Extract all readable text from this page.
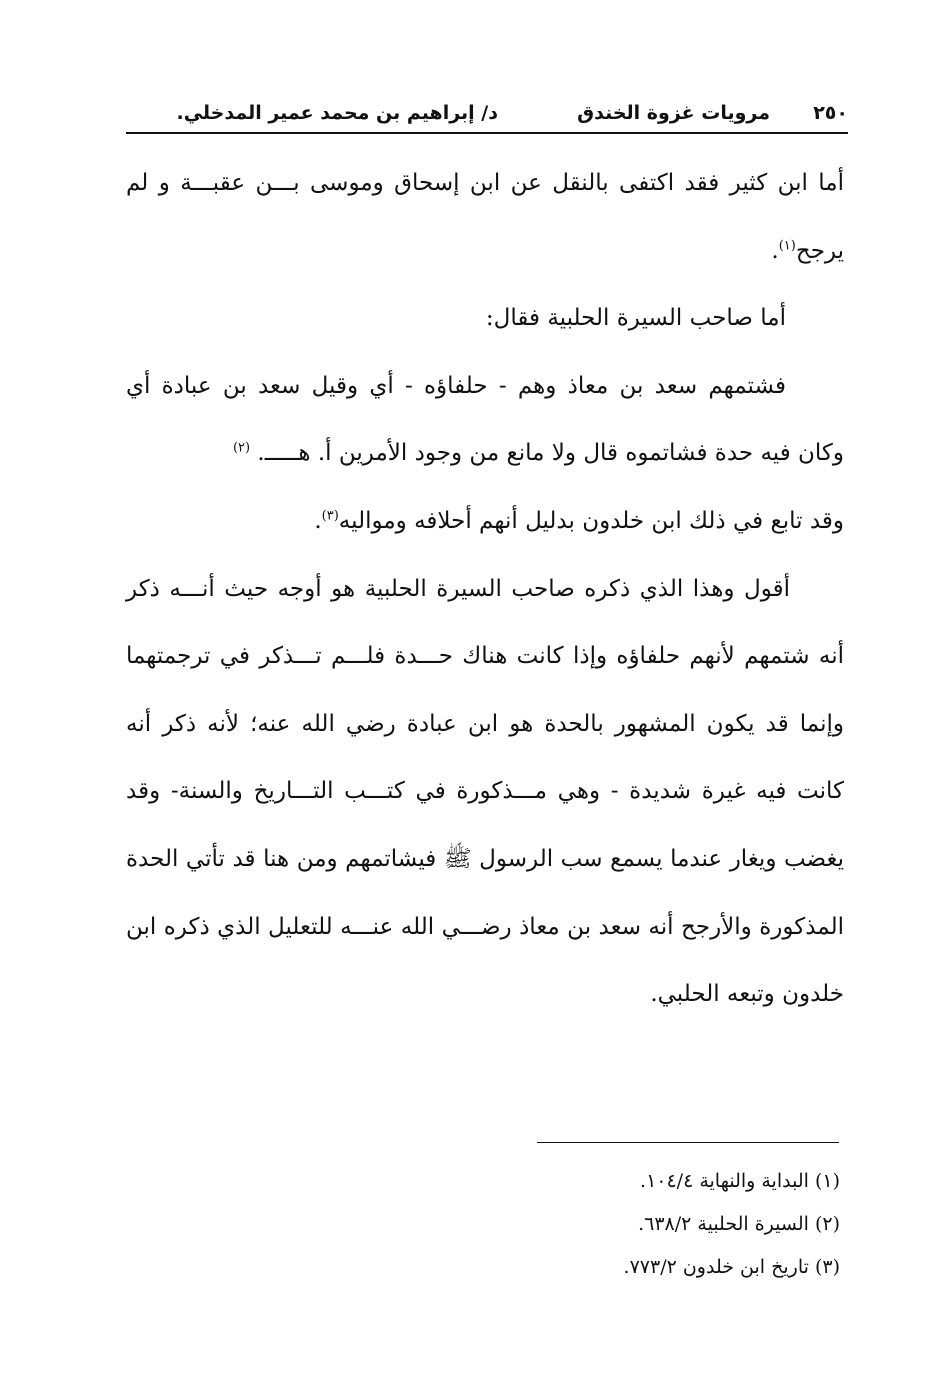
٢٥٠
مرويات غزوة الخندق
د/ إبراهيم بن محمد عمير المدخلي.

أما ابن كثير فقد اكتفى بالنقل عن ابن إسحاق وموسى بـــن عقبـــة و لم يرجح$^{(١)}$.

أما صاحب السيرة الحلبية فقال:

فشتمهم سعد بن معاذ وهم - حلفاؤه - أي وقيل سعد بن عبادة أي وكان فيه حدة فشاتموه قال ولا مانع من وجود الأمرين أ. هـــــ. $^{(٢)}$

وقد تابع في ذلك ابن خلدون بدليل أنهم أحلافه ومواليه$^{(٣)}$.

أقول وهذا الذي ذكره صاحب السيرة الحلبية هو أوجه حيث أنـــه ذكر أنه شتمهم لأنهم حلفاؤه وإذا كانت هناك حـــدة فلـــم تـــذكر في ترجمتهما وإنما قد يكون المشهور بالحدة هو ابن عبادة رضي الله عنه؛ لأنه ذكر أنه كانت فيه غيرة شديدة - وهي مـــذكورة في كتـــب التـــاريخ والسنة- وقد يغضب ويغار عندما يسمع سب الرسول ﷺ فيشاتمهم ومن هنا قد تأتي الحدة المذكورة والأرجح أنه سعد بن معاذ رضـــي الله عنـــه للتعليل الذي ذكره ابن خلدون وتبعه الحلبي.

(١) البداية والنهاية ١٠٤/٤.
(٢) السيرة الحلبية ٦٣٨/٢.
(٣) تاريخ ابن خلدون ٧٧٣/٢.
